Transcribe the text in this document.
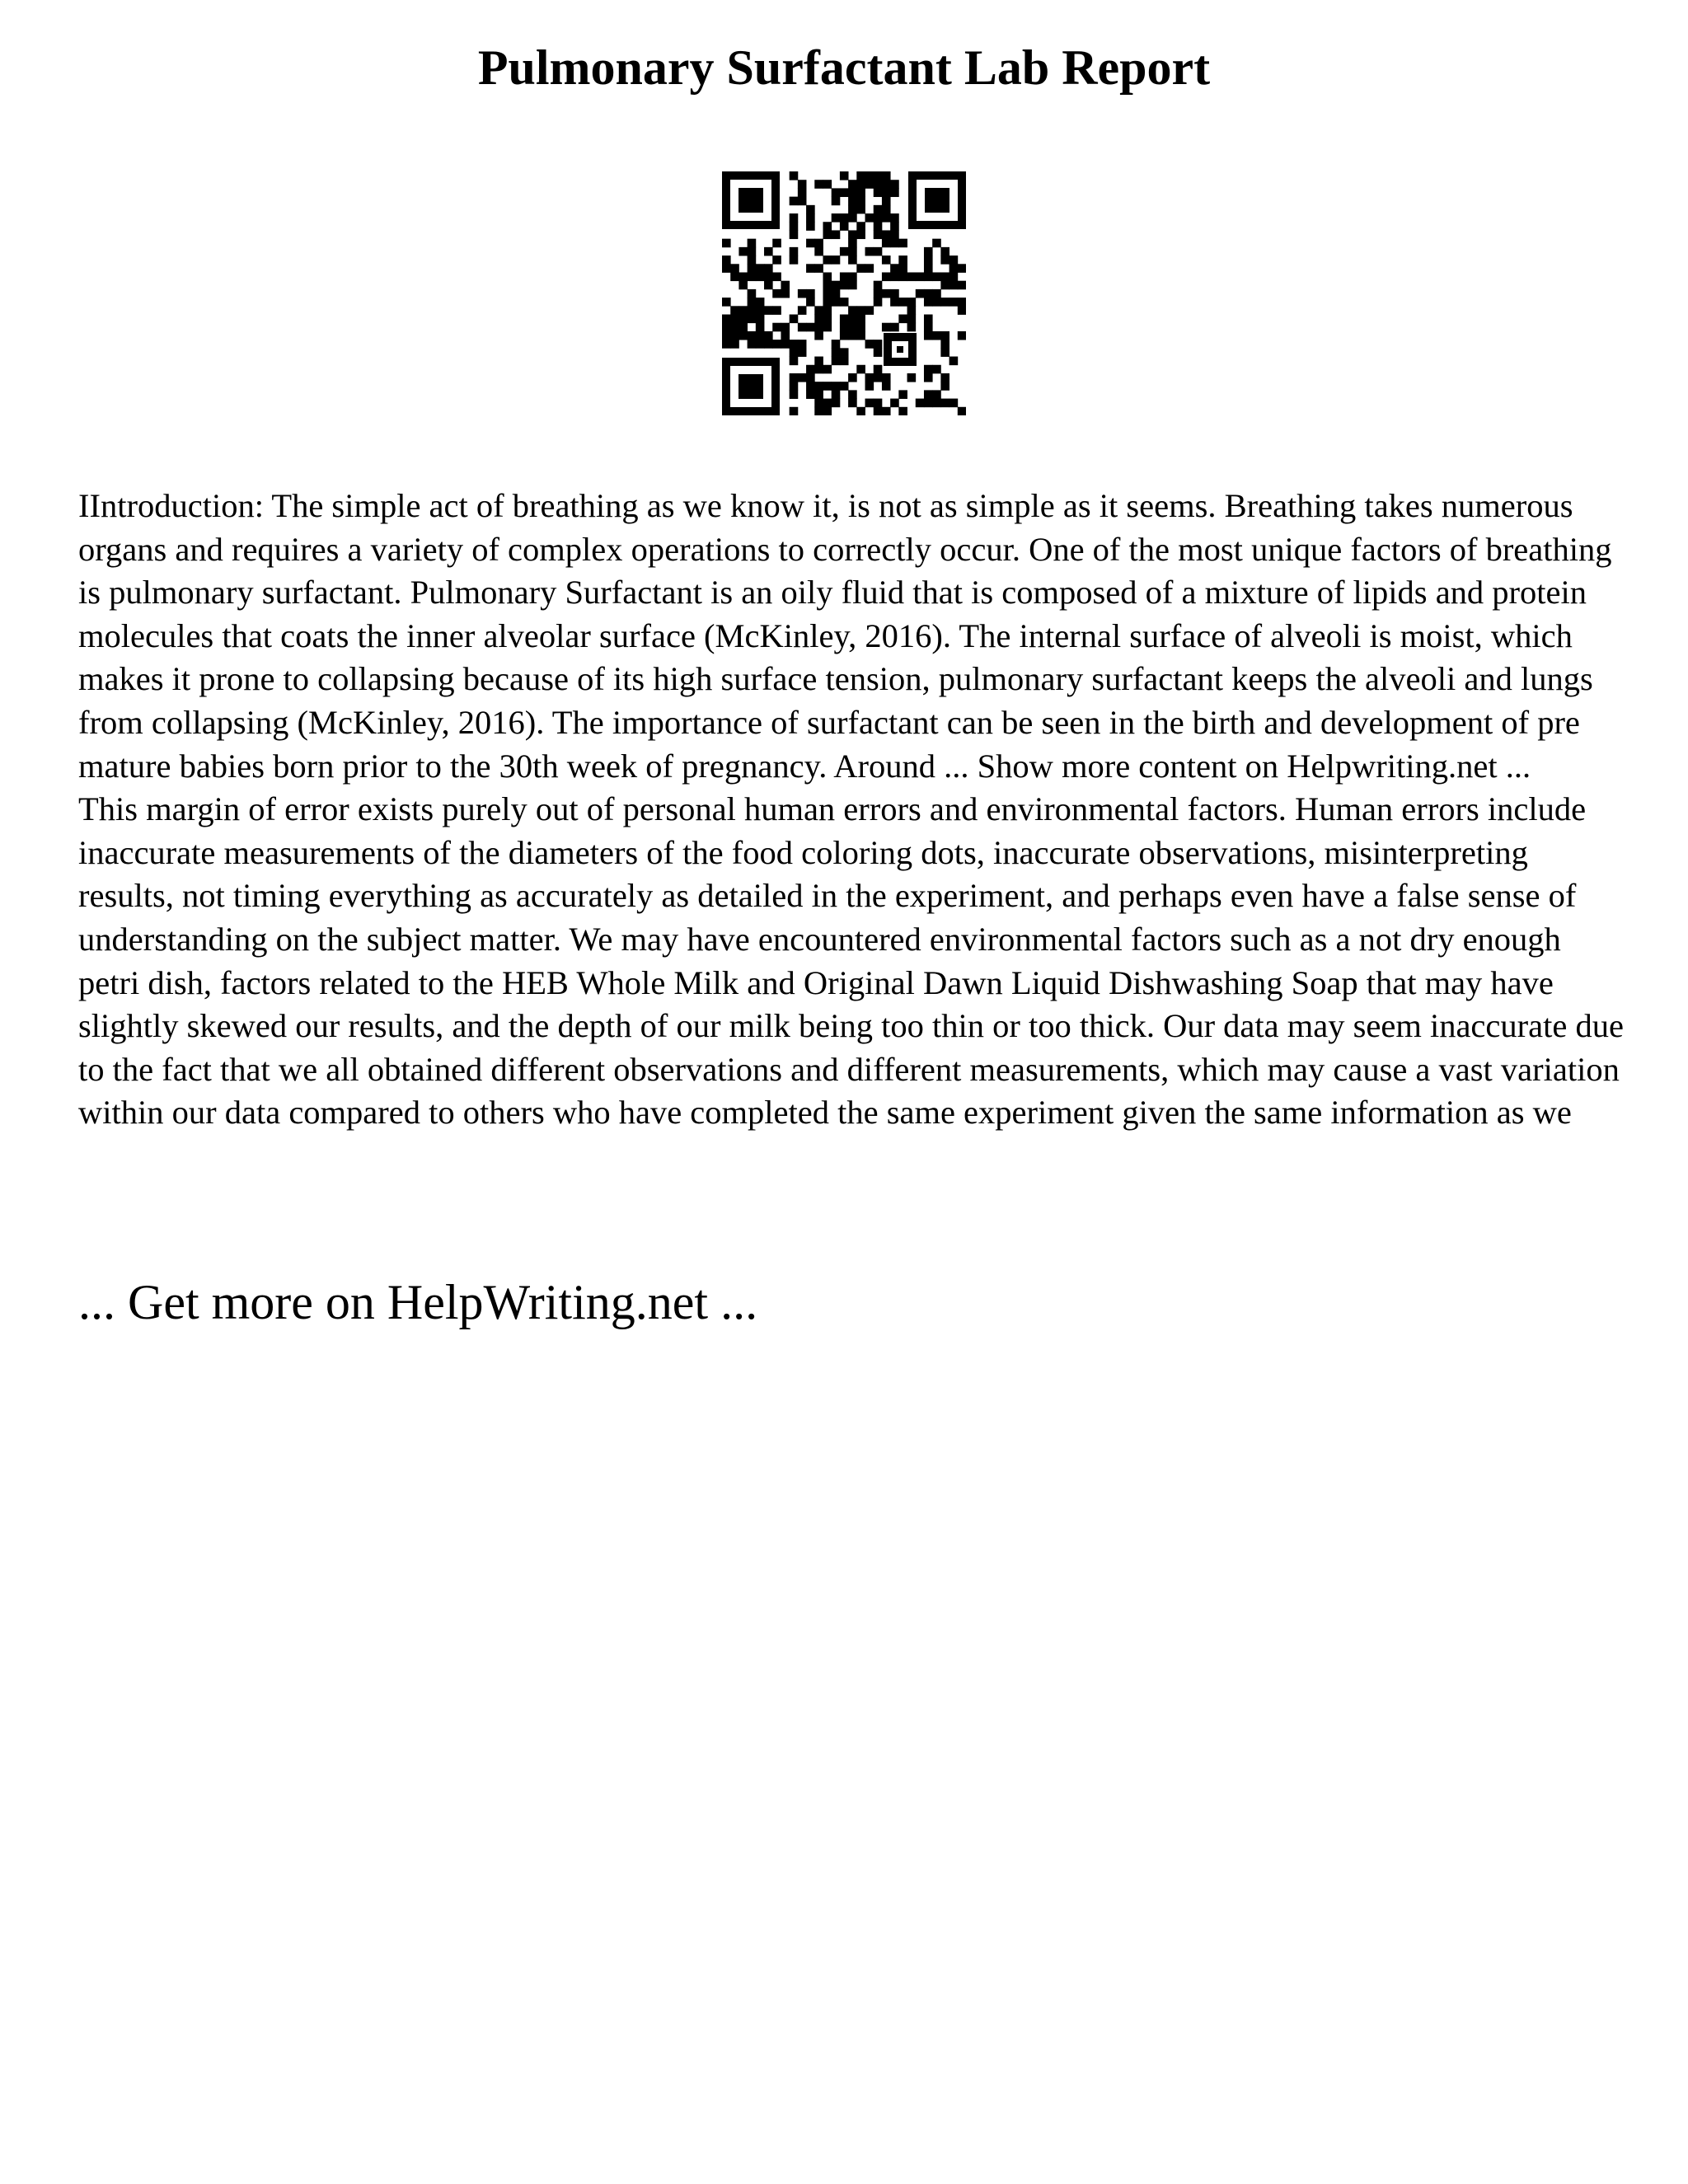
Pulmonary Surfactant Lab Report

IIntroduction: The simple act of breathing as we know it, is not as simple as it seems. Breathing takes numerous organs and requires a variety of complex operations to correctly occur. One of the most unique factors of breathing is pulmonary surfactant. Pulmonary Surfactant is an oily fluid that is composed of a mixture of lipids and protein molecules that coats the inner alveolar surface (McKinley, 2016). The internal surface of alveoli is moist, which makes it prone to collapsing because of its high surface tension, pulmonary surfactant keeps the alveoli and lungs from collapsing (McKinley, 2016). The importance of surfactant can be seen in the birth and development of pre mature babies born prior to the 30th week of pregnancy. Around ... Show more content on Helpwriting.net ...

This margin of error exists purely out of personal human errors and environmental factors. Human errors include inaccurate measurements of the diameters of the food coloring dots, inaccurate observations, misinterpreting results, not timing everything as accurately as detailed in the experiment, and perhaps even have a false sense of understanding on the subject matter. We may have encountered environmental factors such as a not dry enough petri dish, factors related to the HEB Whole Milk and Original Dawn Liquid Dishwashing Soap that may have slightly skewed our results, and the depth of our milk being too thin or too thick. Our data may seem inaccurate due to the fact that we all obtained different observations and different measurements, which may cause a vast variation within our data compared to others who have completed the same experiment given the same information as we

... Get more on HelpWriting.net ...
